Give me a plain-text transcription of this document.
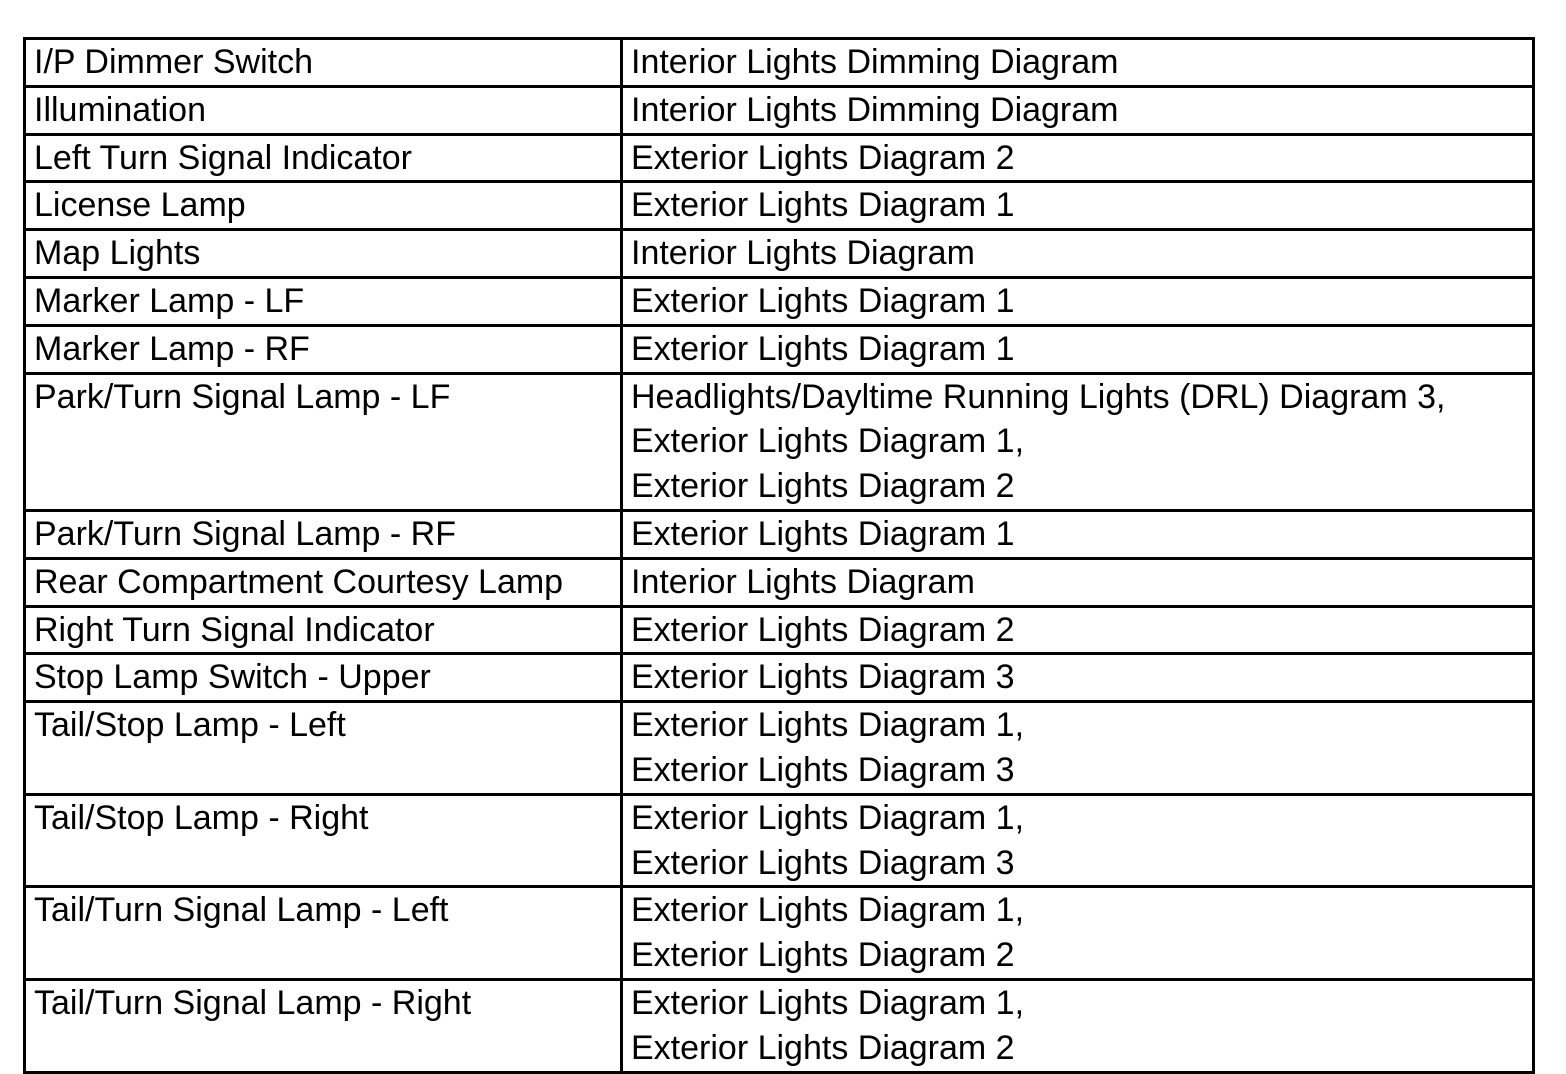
I/P Dimmer Switch	Interior Lights Dimming Diagram

Illumination	Interior Lights Dimming Diagram

Left Turn Signal Indicator	Exterior Lights Diagram 2

License Lamp	Exterior Lights Diagram 1

Map Lights	Interior Lights Diagram

Marker Lamp - LF	Exterior Lights Diagram 1

Marker Lamp - RF	Exterior Lights Diagram 1

Park/Turn Signal Lamp - LF	Headlights/Dayltime Running Lights (DRL) Diagram 3,
Exterior Lights Diagram 1,
Exterior Lights Diagram 2

Park/Turn Signal Lamp - RF	Exterior Lights Diagram 1

Rear Compartment Courtesy Lamp	Interior Lights Diagram

Right Turn Signal Indicator	Exterior Lights Diagram 2

Stop Lamp Switch - Upper	Exterior Lights Diagram 3

Tail/Stop Lamp - Left	Exterior Lights Diagram 1,
Exterior Lights Diagram 3

Tail/Stop Lamp - Right	Exterior Lights Diagram 1,
Exterior Lights Diagram 3

Tail/Turn Signal Lamp - Left	Exterior Lights Diagram 1,
Exterior Lights Diagram 2

Tail/Turn Signal Lamp - Right	Exterior Lights Diagram 1,
Exterior Lights Diagram 2
